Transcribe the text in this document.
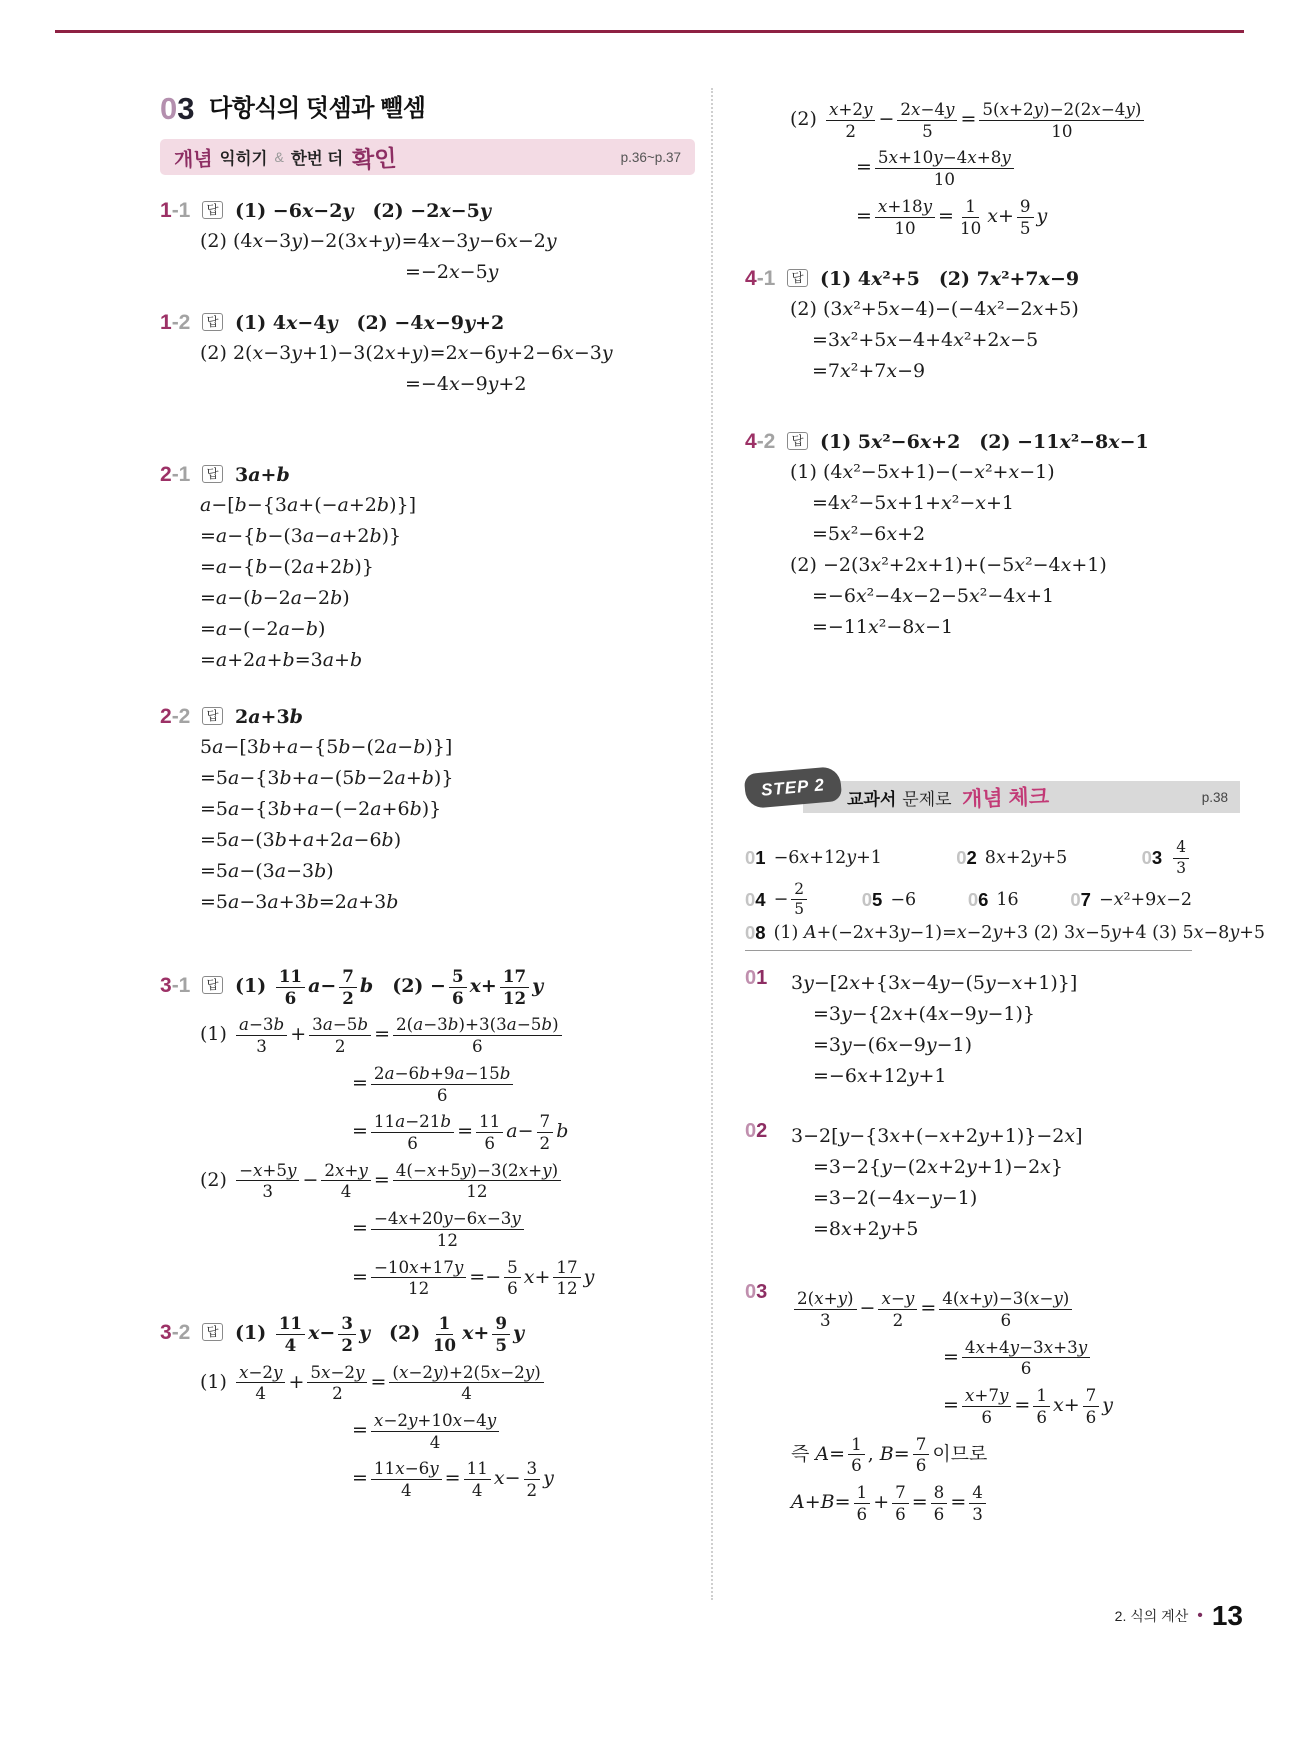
03 다항식의 덧셈과 뺄셈
개념 익히기 & 한번 더 확인	p.36~p.37
1-1 답 (1) −6x−2y (2) −2x−5y
(2) (4x−3y)−2(3x+y)=4x−3y−6x−2y
=−2x−5y
1-2 답 (1) 4x−4y (2) −4x−9y+2
(2) 2(x−3y+1)−3(2x+y)=2x−6y+2−6x−3y
=−4x−9y+2
2-1 답 3a+b
a−[b−{3a+(−a+2b)}]
=a−{b−(3a−a+2b)}
=a−{b−(2a+2b)}
=a−(b−2a−2b)
=a−(−2a−b)
=a+2a+b=3a+b
2-2 답 2a+3b
5a−[3b+a−{5b−(2a−b)}]
=5a−{3b+a−(5b−2a+b)}
=5a−{3b+a−(−2a+6b)}
=5a−(3b+a+2a−6b)
=5a−(3a−3b)
=5a−3a+3b=2a+3b
3-1 답 $(1) \frac{11}{6} a- \frac{7}{2}$ b $(2) - \frac{5}{6} x+ \frac{17}{12}$ y
$(1) \frac{a-3b}{3} + \frac{3a-5b}{2} = \frac{2(a-3b)+3(3a-5b)}{6}$
= $\frac{2a-6b+9a-15b}{6}$
= $\frac{11a-21b}{6} = \frac{11}{6} a- \frac{7}{2}$ b
$(2) \frac{-x+5y}{3} - \frac{2x+y}{4} = \frac{4(-x+5y)-3(2x+y)}{12}$
= $\frac{-4x+20y-6x-3y}{12}$
= $\frac{-10x+17y}{12} =- \frac{5}{6} x+ \frac{17}{12}$ y
3-2 답 $(1) \frac{11}{4} x- \frac{3}{2}$ y $(2) \frac{1}{10} x+ \frac{9}{5}$ y
$(1) \frac{x-2y}{4} + \frac{5x-2y}{2} = \frac{(x-2y)+2(5x-2y)}{4}$
= $\frac{x-2y+10x-4y}{4}$
= $\frac{11x-6y}{4} = \frac{11}{4} x- \frac{3}{2}$ y
$(2) \frac{x+2y}{2} - \frac{2x-4y}{5} = \frac{5(x+2y)-2(2x-4y)}{10}$
= $\frac{5x+10y-4x+8y}{10}$
= $\frac{x+18y}{10} = \frac{1}{10} x+ \frac{9}{5}$ y
4-1 답 (1) 4x²+5 (2) 7x²+7x−9
(2) (3x²+5x−4)−(−4x²−2x+5)
=3x²+5x−4+4x²+2x−5
=7x²+7x−9
4-2 답 (1) 5x²−6x+2 (2) −11x²−8x−1
(1) (4x²−5x+1)−(−x²+x−1)
=4x²−5x+1+x²−x+1
=5x²−6x+2
(2) −2(3x²+2x+1)+(−5x²−4x+1)
=−6x²−4x−2−5x²−4x+1
=−11x²−8x−1
STEP 2	교과서 문제로 개념 체크	p.38
01 −6x+12y+1	02 8x+2y+5	$03 \frac{4}{3}$
$04 - \frac{2}{5}$	05 −6	06 16	07 −x²+9x−2
08 (1) A+(−2x+3y−1)=x−2y+3 (2) 3x−5y+4 (3) 5x−8y+5
01	3y−[2x+{3x−4y−(5y−x+1)}]
=3y−{2x+(4x−9y−1)}
=3y−(6x−9y−1)
=−6x+12y+1
02	3−2[y−{3x+(−x+2y+1)}−2x]
=3−2{y−(2x+2y+1)−2x}
=3−2(−4x−y−1)
=8x+2y+5
03	$\frac{2(x+y)}{3} - \frac{x-y}{2} = \frac{4(x+y)-3(x-y)}{6}$
= $\frac{4x+4y-3x+3y}{6}$
= $\frac{x+7y}{6} = \frac{1}{6} x+ \frac{7}{6}$ y
즉 $A= \frac{1}{6}$ , $B= \frac{7}{6}$ 이므로
$A+B= \frac{1}{6} + \frac{7}{6} = \frac{8}{6} = \frac{4}{3}$
2. 식의 계산 • 13
